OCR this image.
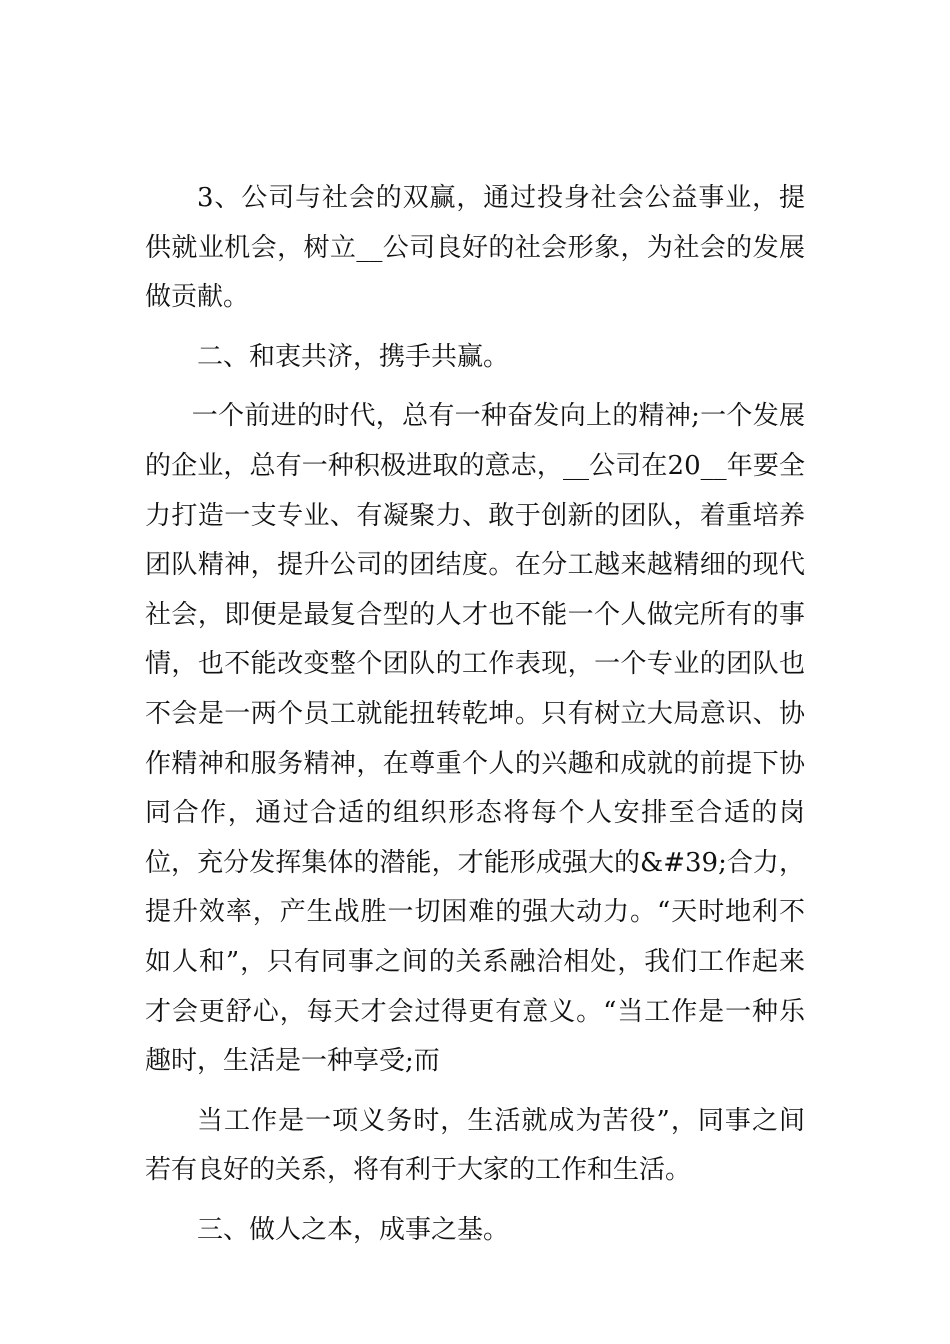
3、公司与社会的双赢，通过投身社会公益事业，提供就业机会，树立__公司良好的社会形象，为社会的发展做贡献。

二、和衷共济，携手共赢。

一个前进的时代，总有一种奋发向上的精神;一个发展的企业，总有一种积极进取的意志，__公司在20__年要全力打造一支专业、有凝聚力、敢于创新的团队，着重培养团队精神，提升公司的团结度。在分工越来越精细的现代社会，即便是最复合型的人才也不能一个人做完所有的事情，也不能改变整个团队的工作表现，一个专业的团队也不会是一两个员工就能扭转乾坤。只有树立大局意识、协作精神和服务精神，在尊重个人的兴趣和成就的前提下协同合作，通过合适的组织形态将每个人安排至合适的岗位，充分发挥集体的潜能，才能形成强大的&#39;合力，提升效率，产生战胜一切困难的强大动力。“天时地利不如人和”，只有同事之间的关系融洽相处，我们工作起来才会更舒心，每天才会过得更有意义。“当工作是一种乐趣时，生活是一种享受;而

当工作是一项义务时，生活就成为苦役”，同事之间若有良好的关系，将有利于大家的工作和生活。

三、做人之本，成事之基。
